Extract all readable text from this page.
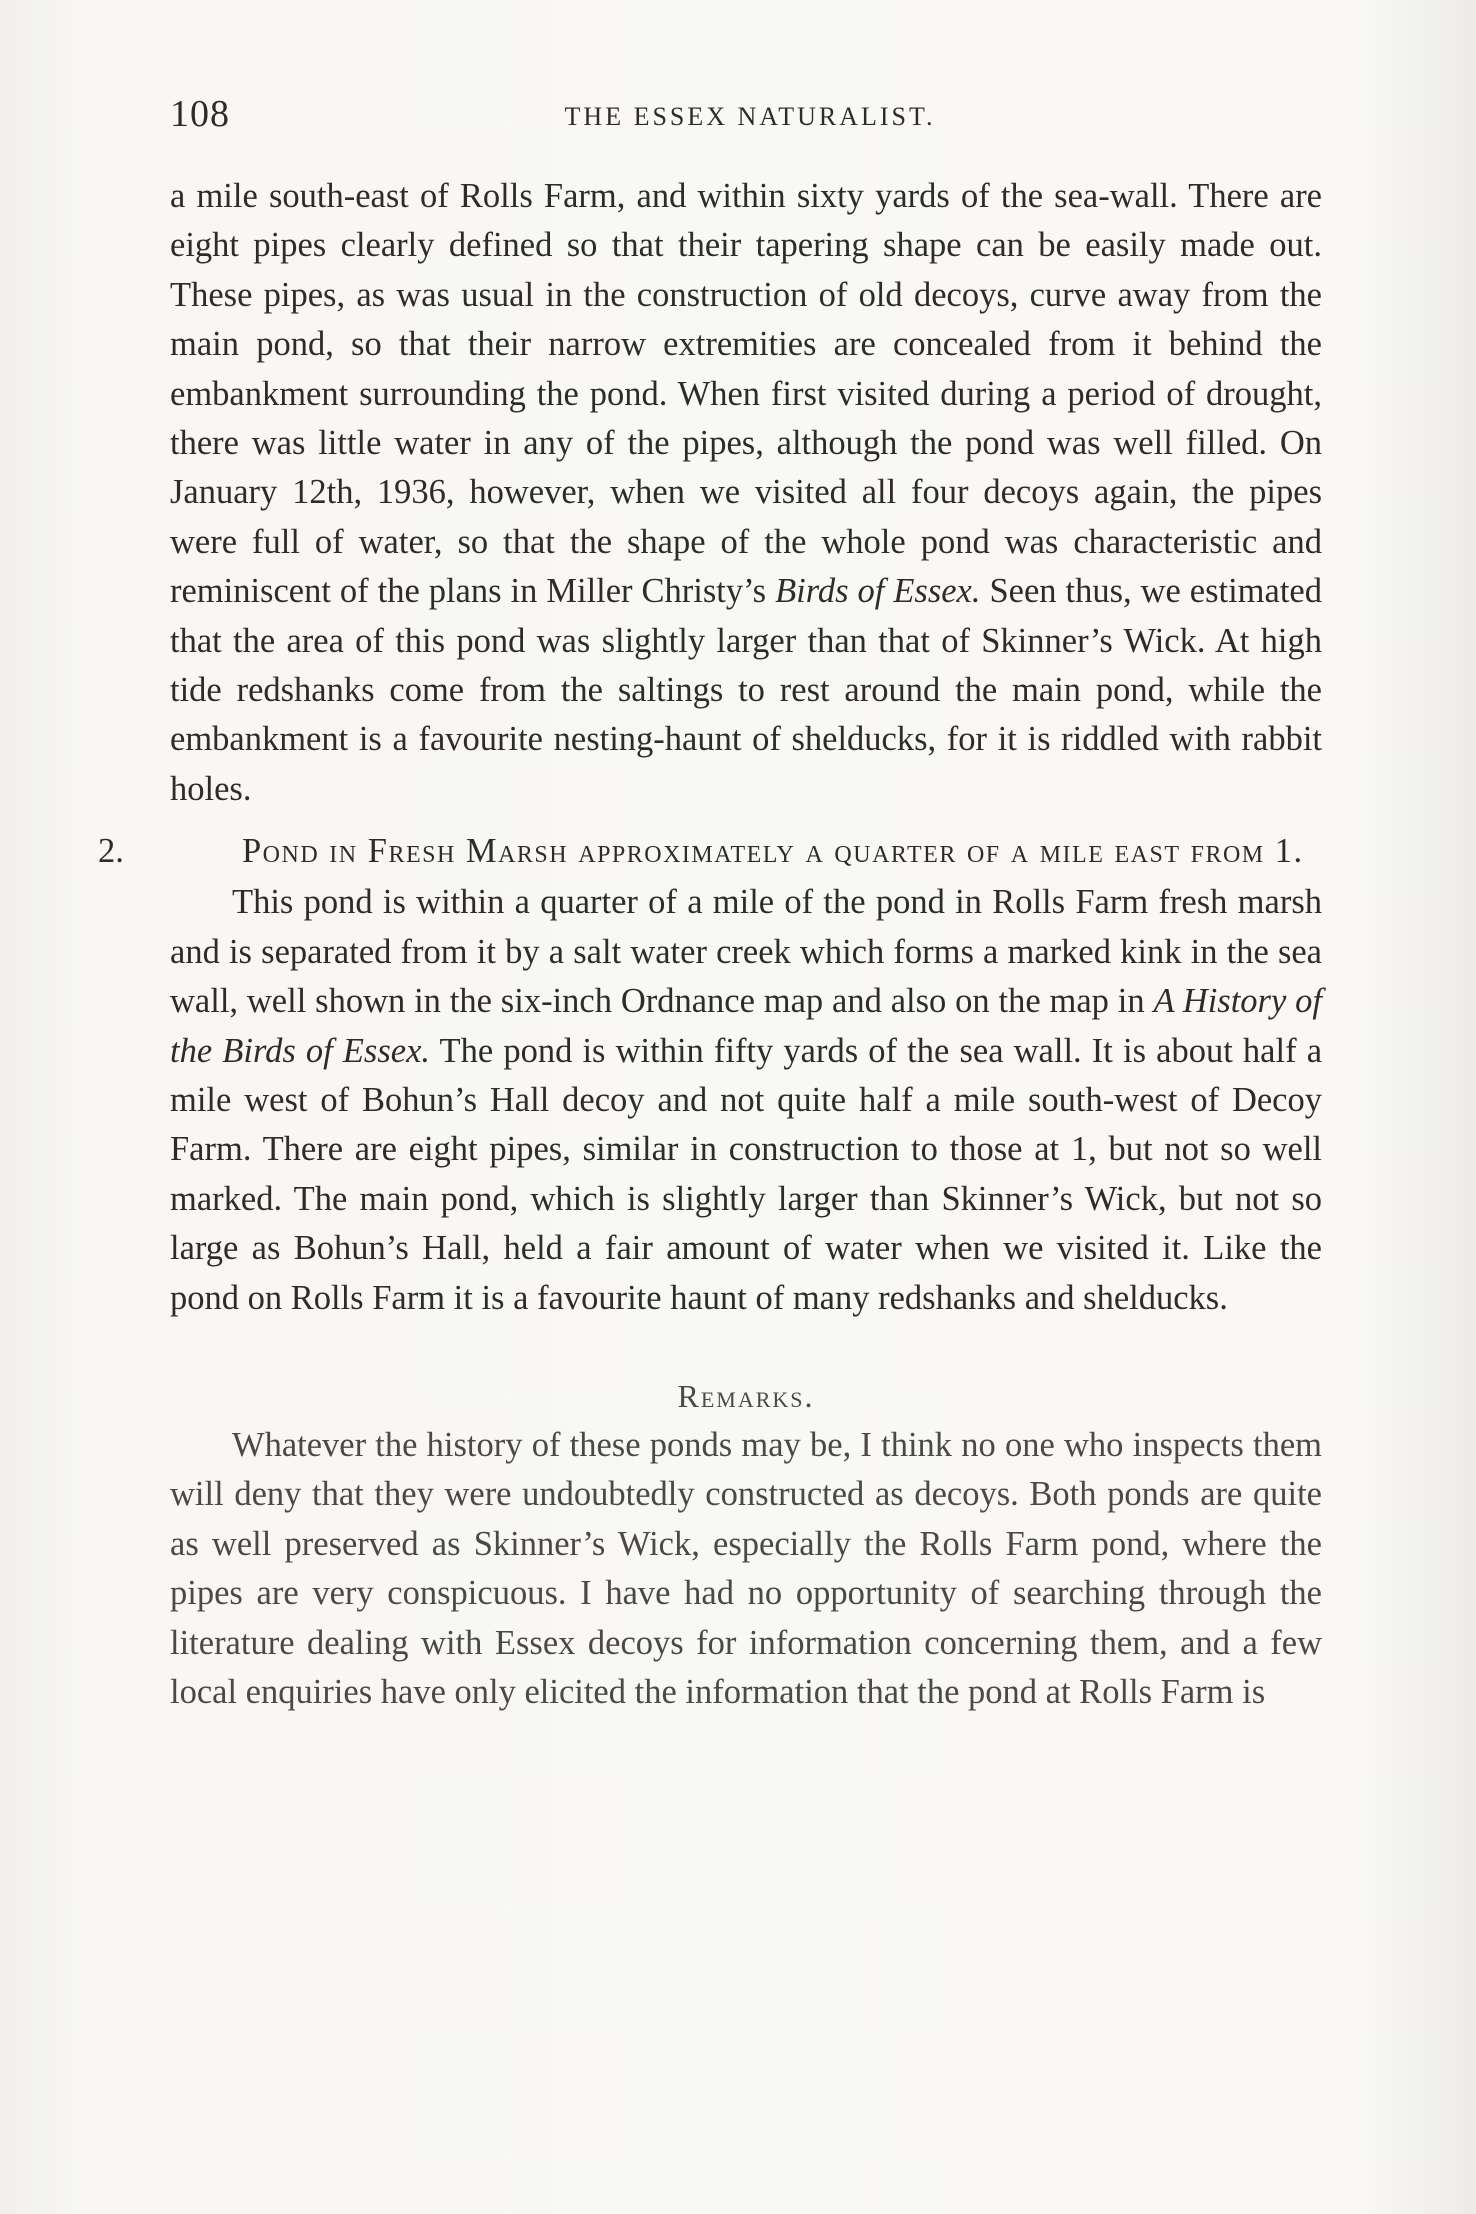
108	THE ESSEX NATURALIST.

a mile south-east of Rolls Farm, and within sixty yards of the sea-wall. There are eight pipes clearly defined so that their tapering shape can be easily made out. These pipes, as was usual in the construction of old decoys, curve away from the main pond, so that their narrow extremities are concealed from it behind the embankment surrounding the pond. When first visited during a period of drought, there was little water in any of the pipes, although the pond was well filled. On January 12th, 1936, however, when we visited all four decoys again, the pipes were full of water, so that the shape of the whole pond was characteristic and reminiscent of the plans in Miller Christy’s Birds of Essex. Seen thus, we estimated that the area of this pond was slightly larger than that of Skinner’s Wick. At high tide redshanks come from the saltings to rest around the main pond, while the embankment is a favourite nesting-haunt of shelducks, for it is riddled with rabbit holes.

2.	Pond in Fresh Marsh approximately a quarter of a mile east from 1.

This pond is within a quarter of a mile of the pond in Rolls Farm fresh marsh and is separated from it by a salt water creek which forms a marked kink in the sea wall, well shown in the six-inch Ordnance map and also on the map in A History of the Birds of Essex. The pond is within fifty yards of the sea wall. It is about half a mile west of Bohun’s Hall decoy and not quite half a mile south-west of Decoy Farm. There are eight pipes, similar in construction to those at 1, but not so well marked. The main pond, which is slightly larger than Skinner’s Wick, but not so large as Bohun’s Hall, held a fair amount of water when we visited it. Like the pond on Rolls Farm it is a favourite haunt of many redshanks and shelducks.

Remarks.

Whatever the history of these ponds may be, I think no one who inspects them will deny that they were undoubtedly constructed as decoys. Both ponds are quite as well preserved as Skinner’s Wick, especially the Rolls Farm pond, where the pipes are very conspicuous. I have had no opportunity of searching through the literature dealing with Essex decoys for information concerning them, and a few local enquiries have only elicited the information that the pond at Rolls Farm is
